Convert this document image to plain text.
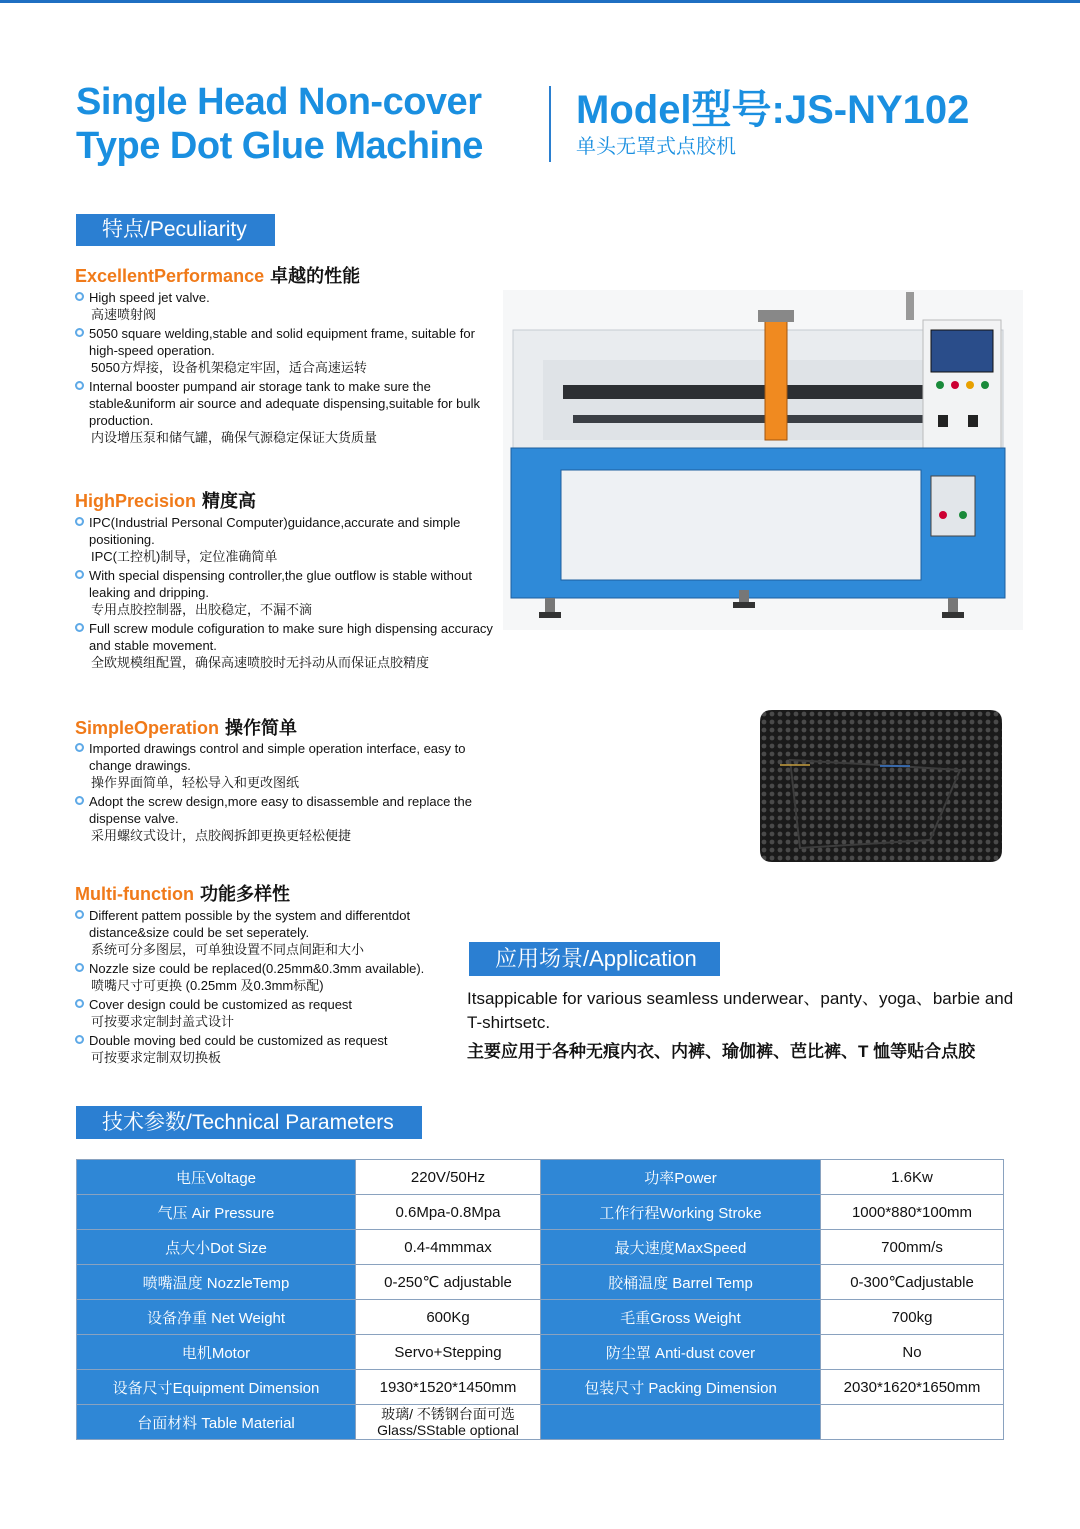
Single Head Non-cover
Type Dot Glue Machine
Model型号:JS-NY102
单头无罩式点胶机
特点/Peculiarity
ExcellentPerformance 卓越的性能
High speed jet valve.
高速喷射阀
5050 square welding,stable and solid equipment frame, suitable for high-speed operation.
5050方焊接，设备机架稳定牢固，适合高速运转
Internal booster pumpand air storage tank to make sure the stable&uniform air source and adequate dispensing,suitable for bulk production.
内设增压泵和储气罐，确保气源稳定保证大货质量
HighPrecision 精度高
IPC(Industrial Personal Computer)guidance,accurate and simple positioning.
IPC(工控机)制导，定位准确简单
With special dispensing controller,the glue outflow is stable without leaking and dripping.
专用点胶控制器，出胶稳定，不漏不滴
Full screw module cofiguration to make sure high dispensing accuracy and stable movement.
全欧规模组配置，确保高速喷胶时无抖动从而保证点胶精度
SimpleOperation 操作简单
Imported drawings control and simple operation interface, easy to change drawings.
操作界面简单，轻松导入和更改图纸
Adopt the screw design,more easy to disassemble and replace the dispense valve.
采用螺纹式设计，点胶阀拆卸更换更轻松便捷
Multi-function 功能多样性
Different pattem possible by the system and differentdot distance&size could be set seperately.
系统可分多图层，可单独设置不同点间距和大小
Nozzle size could be replaced(0.25mm&0.3mm available).
喷嘴尺寸可更换 (0.25mm 及0.3mm标配)
Cover design could be customized as request
可按要求定制封盖式设计
Double moving bed could be customized as request
可按要求定制双切换板
应用场景/Application
Itsappicable for various seamless underwear、panty、yoga、barbie and T-shirtsetc.
主要应用于各种无痕内衣、内裤、瑜伽裤、芭比裤、T 恤等贴合点胶
技术参数/Technical Parameters
电压Voltage	220V/50Hz	功率Power	1.6Kw
气压 Air Pressure	0.6Mpa-0.8Mpa	工作行程Working Stroke	1000*880*100mm
点大小Dot Size	0.4-4mmmax	最大速度MaxSpeed	700mm/s
喷嘴温度 NozzleTemp	0-250℃ adjustable	胶桶温度 Barrel Temp	0-300℃adjustable
设备净重 Net Weight	600Kg	毛重Gross Weight	700kg
电机Motor	Servo+Stepping	防尘罩 Anti-dust cover	No
设备尺寸Equipment Dimension	1930*1520*1450mm	包装尺寸 Packing Dimension	2030*1620*1650mm
台面材料 Table Material	玻璃/ 不锈钢台面可选
Glass/SStable optional		
